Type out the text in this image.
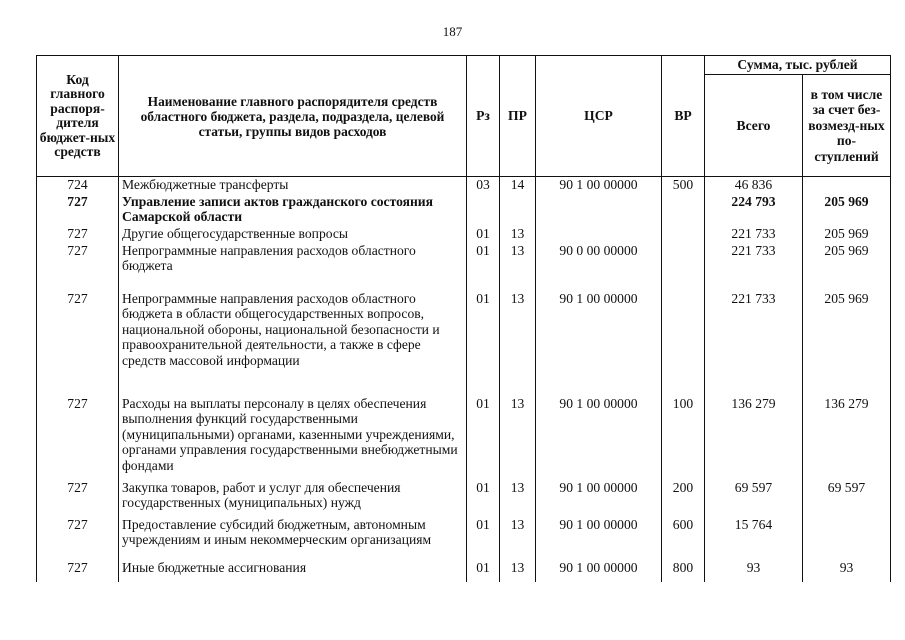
187
Код главного распоря-дителя бюджет-ных средств	Наименование главного распорядителя средств областного бюджета, раздела, подраздела, целевой статьи, группы видов расходов	Рз	ПР	ЦСР	ВР	Сумма, тыс. рублей	
						Всего	в том числе за счет без-возмезд-ных по-ступлений
724	Межбюджетные трансферты	03	14	90 1 00 00000	500	46 836	
727	Управление записи актов гражданского состояния Самарской области					224 793	205 969
727	Другие общегосударственные вопросы	01	13			221 733	205 969
727	Непрограммные направления расходов областного бюджета	01	13	90 0 00 00000		221 733	205 969
727	Непрограммные направления расходов областного бюджета в области общегосударственных вопросов, национальной обороны, национальной безопасности и правоохранительной деятельности, а также в сфере средств массовой информации	01	13	90 1 00 00000		221 733	205 969
727	Расходы на выплаты персоналу в целях обеспечения выполнения функций государственными (муниципальными) органами, казенными учреждениями, органами управления государственными внебюджетными фондами	01	13	90 1 00 00000	100	136 279	136 279
727	Закупка товаров, работ и услуг для обеспечения государственных (муниципальных) нужд	01	13	90 1 00 00000	200	69 597	69 597
727	Предоставление субсидий бюджетным, автономным учреждениям и иным некоммерческим организациям	01	13	90 1 00 00000	600	15 764	
727	Иные бюджетные ассигнования	01	13	90 1 00 00000	800	93	93
